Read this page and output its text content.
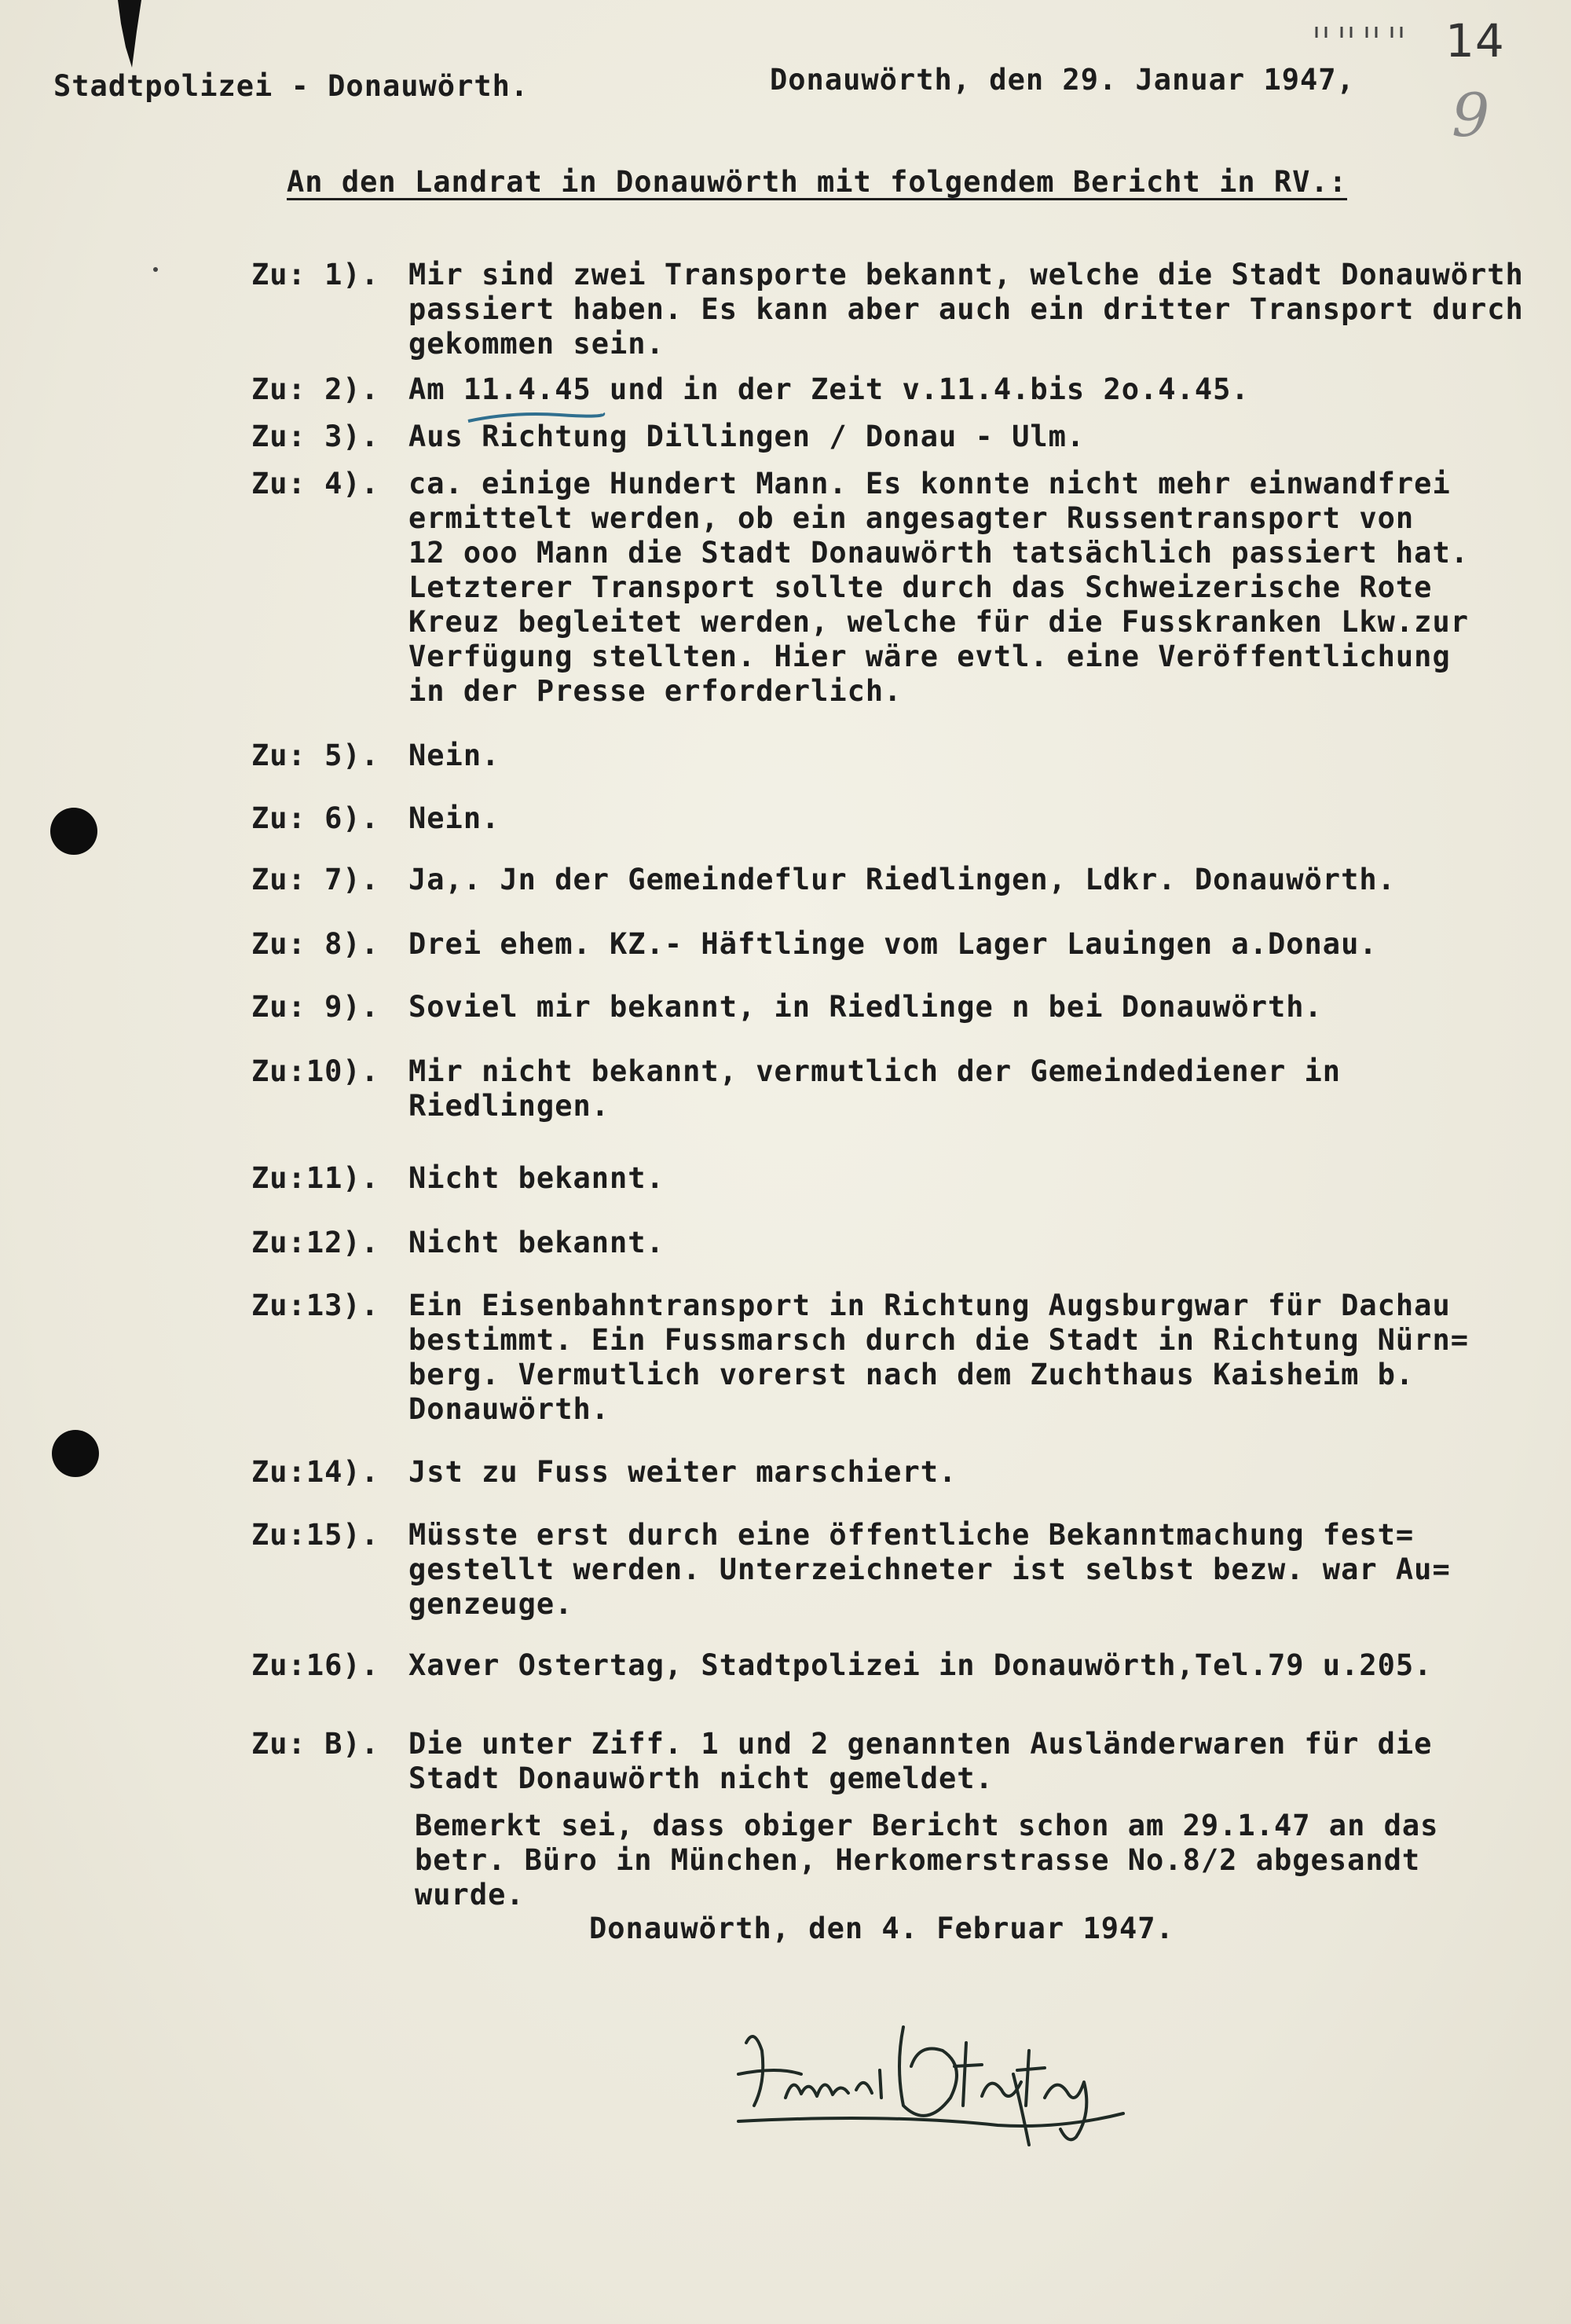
Stadtpolizei - Donauwörth.	Donauwörth, den 29. Januar 1947,
14
9
An den Landrat in Donauwörth mit folgendem Bericht in RV.:
Zu: 1).	Mir sind zwei Transporte bekannt, welche die Stadt Donauwörth
passiert haben. Es kann aber auch ein dritter Transport durch
gekommen sein.
Zu: 2).	Am 11.4.45 und in der Zeit v.11.4.bis 2o.4.45.
Zu: 3).	Aus Richtung Dillingen / Donau - Ulm.
Zu: 4).	ca. einige Hundert Mann. Es konnte nicht mehr einwandfrei
ermittelt werden, ob ein angesagter Russentransport von
12 ooo Mann die Stadt Donauwörth tatsächlich passiert hat.
Letzterer Transport sollte durch das Schweizerische Rote
Kreuz begleitet werden, welche für die Fusskranken Lkw.zur
Verfügung stellten. Hier wäre evtl. eine Veröffentlichung
in der Presse erforderlich.
Zu: 5).	Nein.
Zu: 6).	Nein.
Zu: 7).	Ja,. Jn der Gemeindeflur Riedlingen, Ldkr. Donauwörth.
Zu: 8).	Drei ehem. KZ.- Häftlinge vom Lager Lauingen a.Donau.
Zu: 9).	Soviel mir bekannt, in Riedlinge n bei Donauwörth.
Zu:10).	Mir nicht bekannt, vermutlich der Gemeindediener in
Riedlingen.
Zu:11).	Nicht bekannt.
Zu:12).	Nicht bekannt.
Zu:13).	Ein Eisenbahntransport in Richtung Augsburgwar für Dachau
bestimmt. Ein Fussmarsch durch die Stadt in Richtung Nürn=
berg. Vermutlich vorerst nach dem Zuchthaus Kaisheim b.
Donauwörth.
Zu:14).	Jst zu Fuss weiter marschiert.
Zu:15).	Müsste erst durch eine öffentliche Bekanntmachung fest=
gestellt werden. Unterzeichneter ist selbst bezw. war Au=
genzeuge.
Zu:16).	Xaver Ostertag, Stadtpolizei in Donauwörth,Tel.79 u.205.
Zu: B).	Die unter Ziff. 1 und 2 genannten Ausländerwaren für die
Stadt Donauwörth nicht gemeldet.
Bemerkt sei, dass obiger Bericht schon am 29.1.47 an das betr. Büro in München, Herkomerstrasse No.8/2 abgesandt wurde.
Donauwörth, den 4. Februar 1947.
